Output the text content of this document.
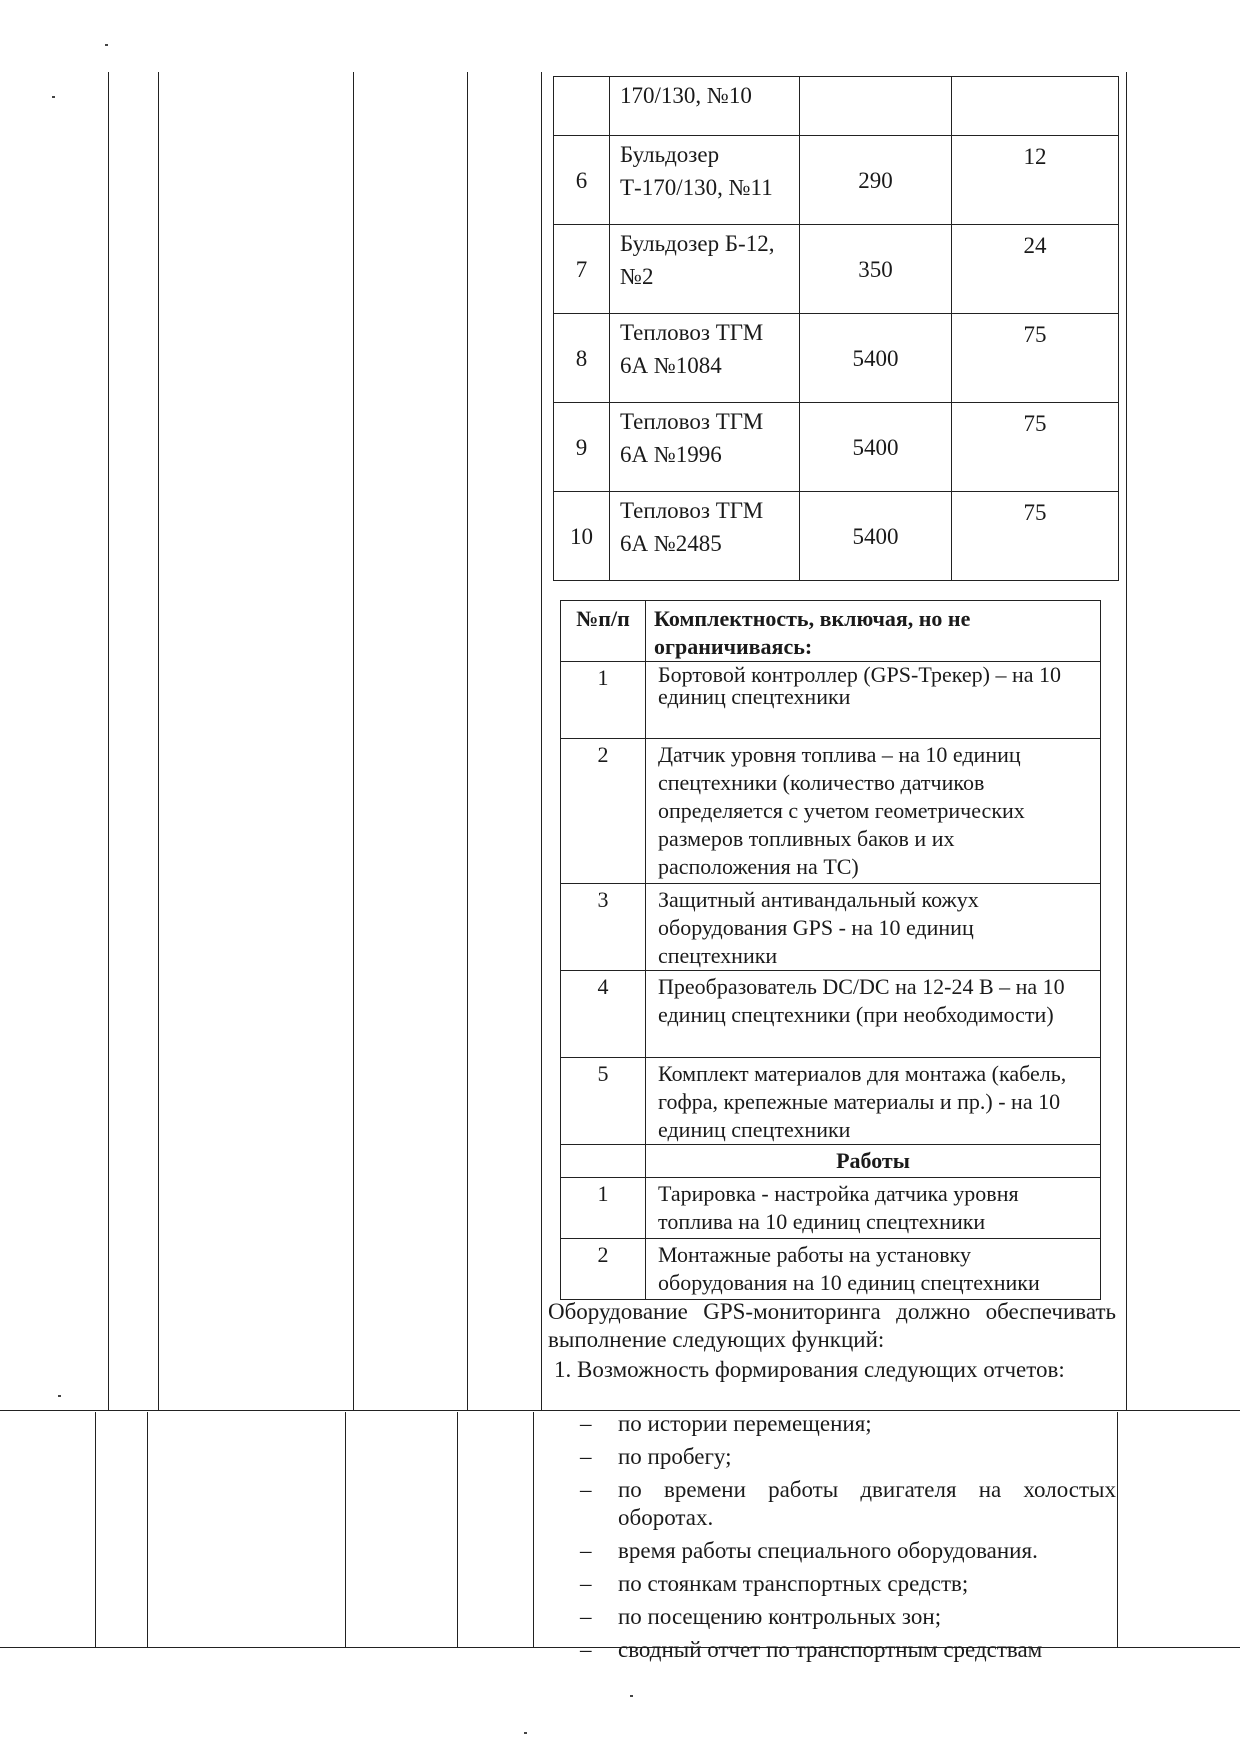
	170/130, №10		
6	Бульдозер Т-170/130, №11	290	12
7	Бульдозер Б-12, №2	350	24
8	Тепловоз ТГМ 6А №1084	5400	75
9	Тепловоз ТГМ 6А №1996	5400	75
10	Тепловоз ТГМ 6А №2485	5400	75
№п/п	Комплектность, включая, но не ограничиваясь:
1	Бортовой контроллер (GPS-Трекер) – на 10 единиц спецтехники
2	Датчик уровня топлива – на 10 единиц спецтехники (количество датчиков определяется с учетом геометрических размеров топливных баков и их расположения на ТС)
3	Защитный антивандальный кожух оборудования GPS - на 10 единиц спецтехники
4	Преобразователь DC/DC на 12-24 В – на 10 единиц спецтехники (при необходимости)
5	Комплект материалов для монтажа (кабель, гофра, крепежные материалы и пр.) - на 10 единиц спецтехники
	Работы
1	Тарировка - настройка датчика уровня топлива на 10 единиц спецтехники
2	Монтажные работы на установку оборудования на 10 единиц спецтехники
Оборудование GPS-мониторинга должно обеспечивать выполнение следующих функций:
1. Возможность формирования следующих отчетов:
– по истории перемещения;
– по пробегу;
– по времени работы двигателя на холостых оборотах.
– время работы специального оборудования.
– по стоянкам транспортных средств;
– по посещению контрольных зон;
– сводный отчет по транспортным средствам
